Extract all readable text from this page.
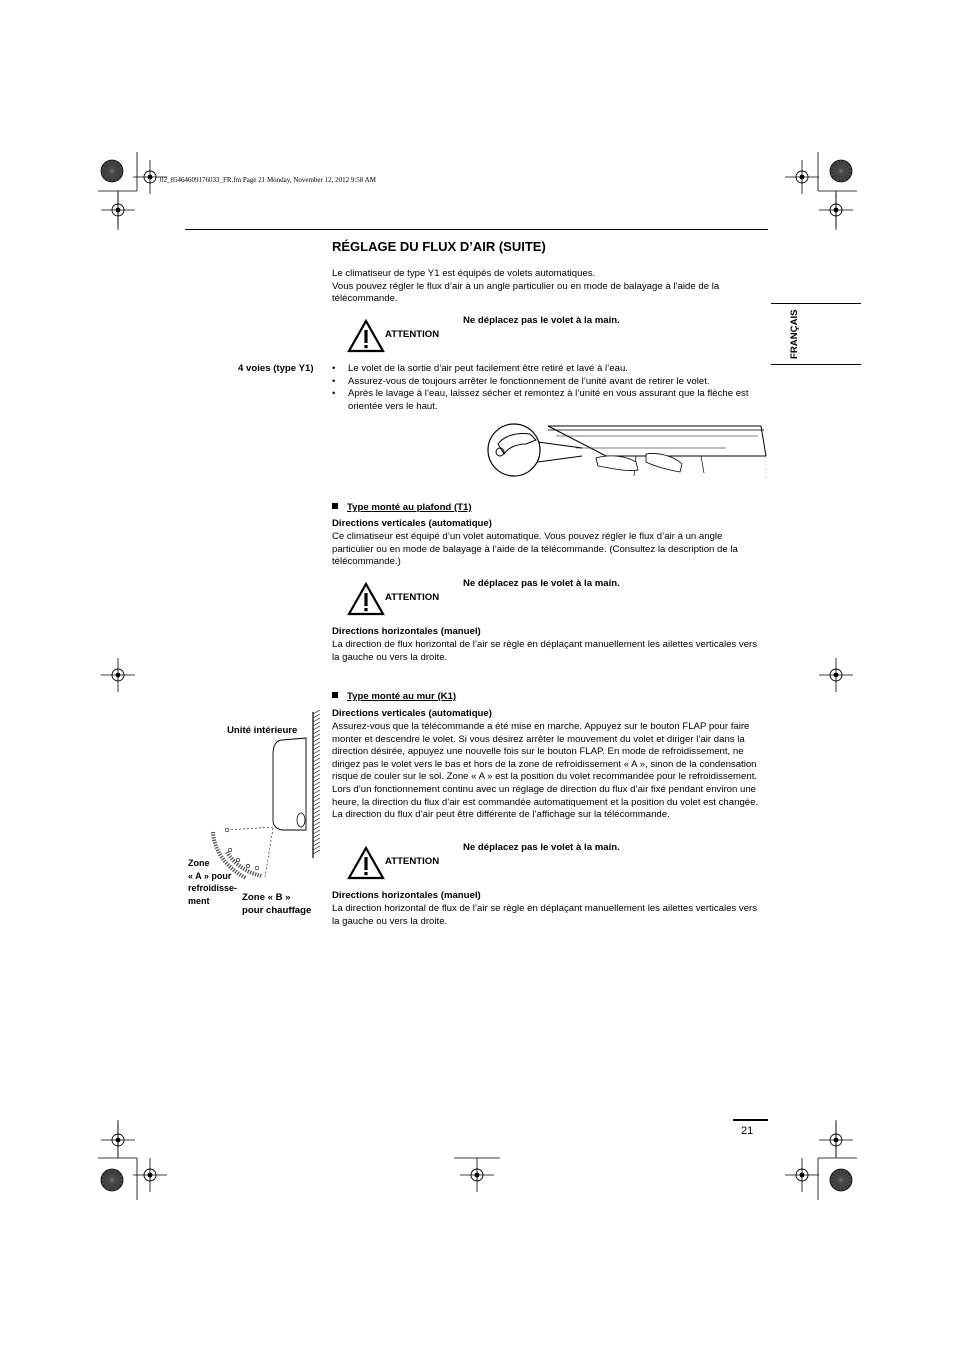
02_85464609176033_FR.fm Page 21 Monday, November 12, 2012 9:58 AM
FRANÇAIS
RÉGLAGE DU FLUX D’AIR (SUITE)
Le climatiseur de type Y1 est équipés de volets automatiques.
Vous pouvez régler le flux d’air à un angle particulier ou en mode de balayage à l’aide de la télécommande.
ATTENTION
Ne déplacez pas le volet à la main.
4 voies (type Y1)
•	Le volet de la sortie d’air peut facilement être retiré et lavé à l’eau.
• Assurez-vous de toujours arrêter le fonctionnement de l’unité avant de retirer le volet.
• Après le lavage à l’eau, laissez sécher et remontez à l’unité en vous assurant que la flèche est orientée vers le haut.
Type monté au plafond (T1)
Directions verticales (automatique)
Ce climatiseur est équipé d’un volet automatique. Vous pouvez régler le flux d’air à un angle particulier ou en mode de balayage à l’aide de la télécommande. (Consultez la description de la télécommande.)
ATTENTION
Ne déplacez pas le volet à la main.
Directions horizontales (manuel)
La direction de flux horizontal de l’air se règle en déplaçant manuellement les ailettes verticales vers la gauche ou vers la droite.
Type monté au mur (K1)
Directions verticales (automatique)
Assurez-vous que la télécommande a été mise en marche. Appuyez sur le bouton FLAP pour faire monter et descendre le volet. Si vous désirez arrêter le mouvement du volet et diriger l’air dans la direction désirée, appuyez une nouvelle fois sur le bouton FLAP. En mode de refroidissement, ne dirigez pas le volet vers le bas et hors de la zone de refroidissement « A », sinon de la condensation risque de couler sur le sol. Zone « A » est la position du volet recommandée pour le refroidissement.
Lors d’un fonctionnement continu avec un réglage de direction du flux d’air fixé pendant environ une heure, la direction du flux d’air est commandée automatiquement et la position du volet est changée. La direction du flux d’air peut être différente de l’affichage sur la télécommande.
ATTENTION
Ne déplacez pas le volet à la main.
Directions horizontales (manuel)
La direction horizontal de flux de l’air se règle en déplaçant manuellement les ailettes verticales vers la gauche ou vers la droite.
Unité intérieure
Zone
« A » pour
refroidisse-
ment	Zone « B »
pour chauffage
21
